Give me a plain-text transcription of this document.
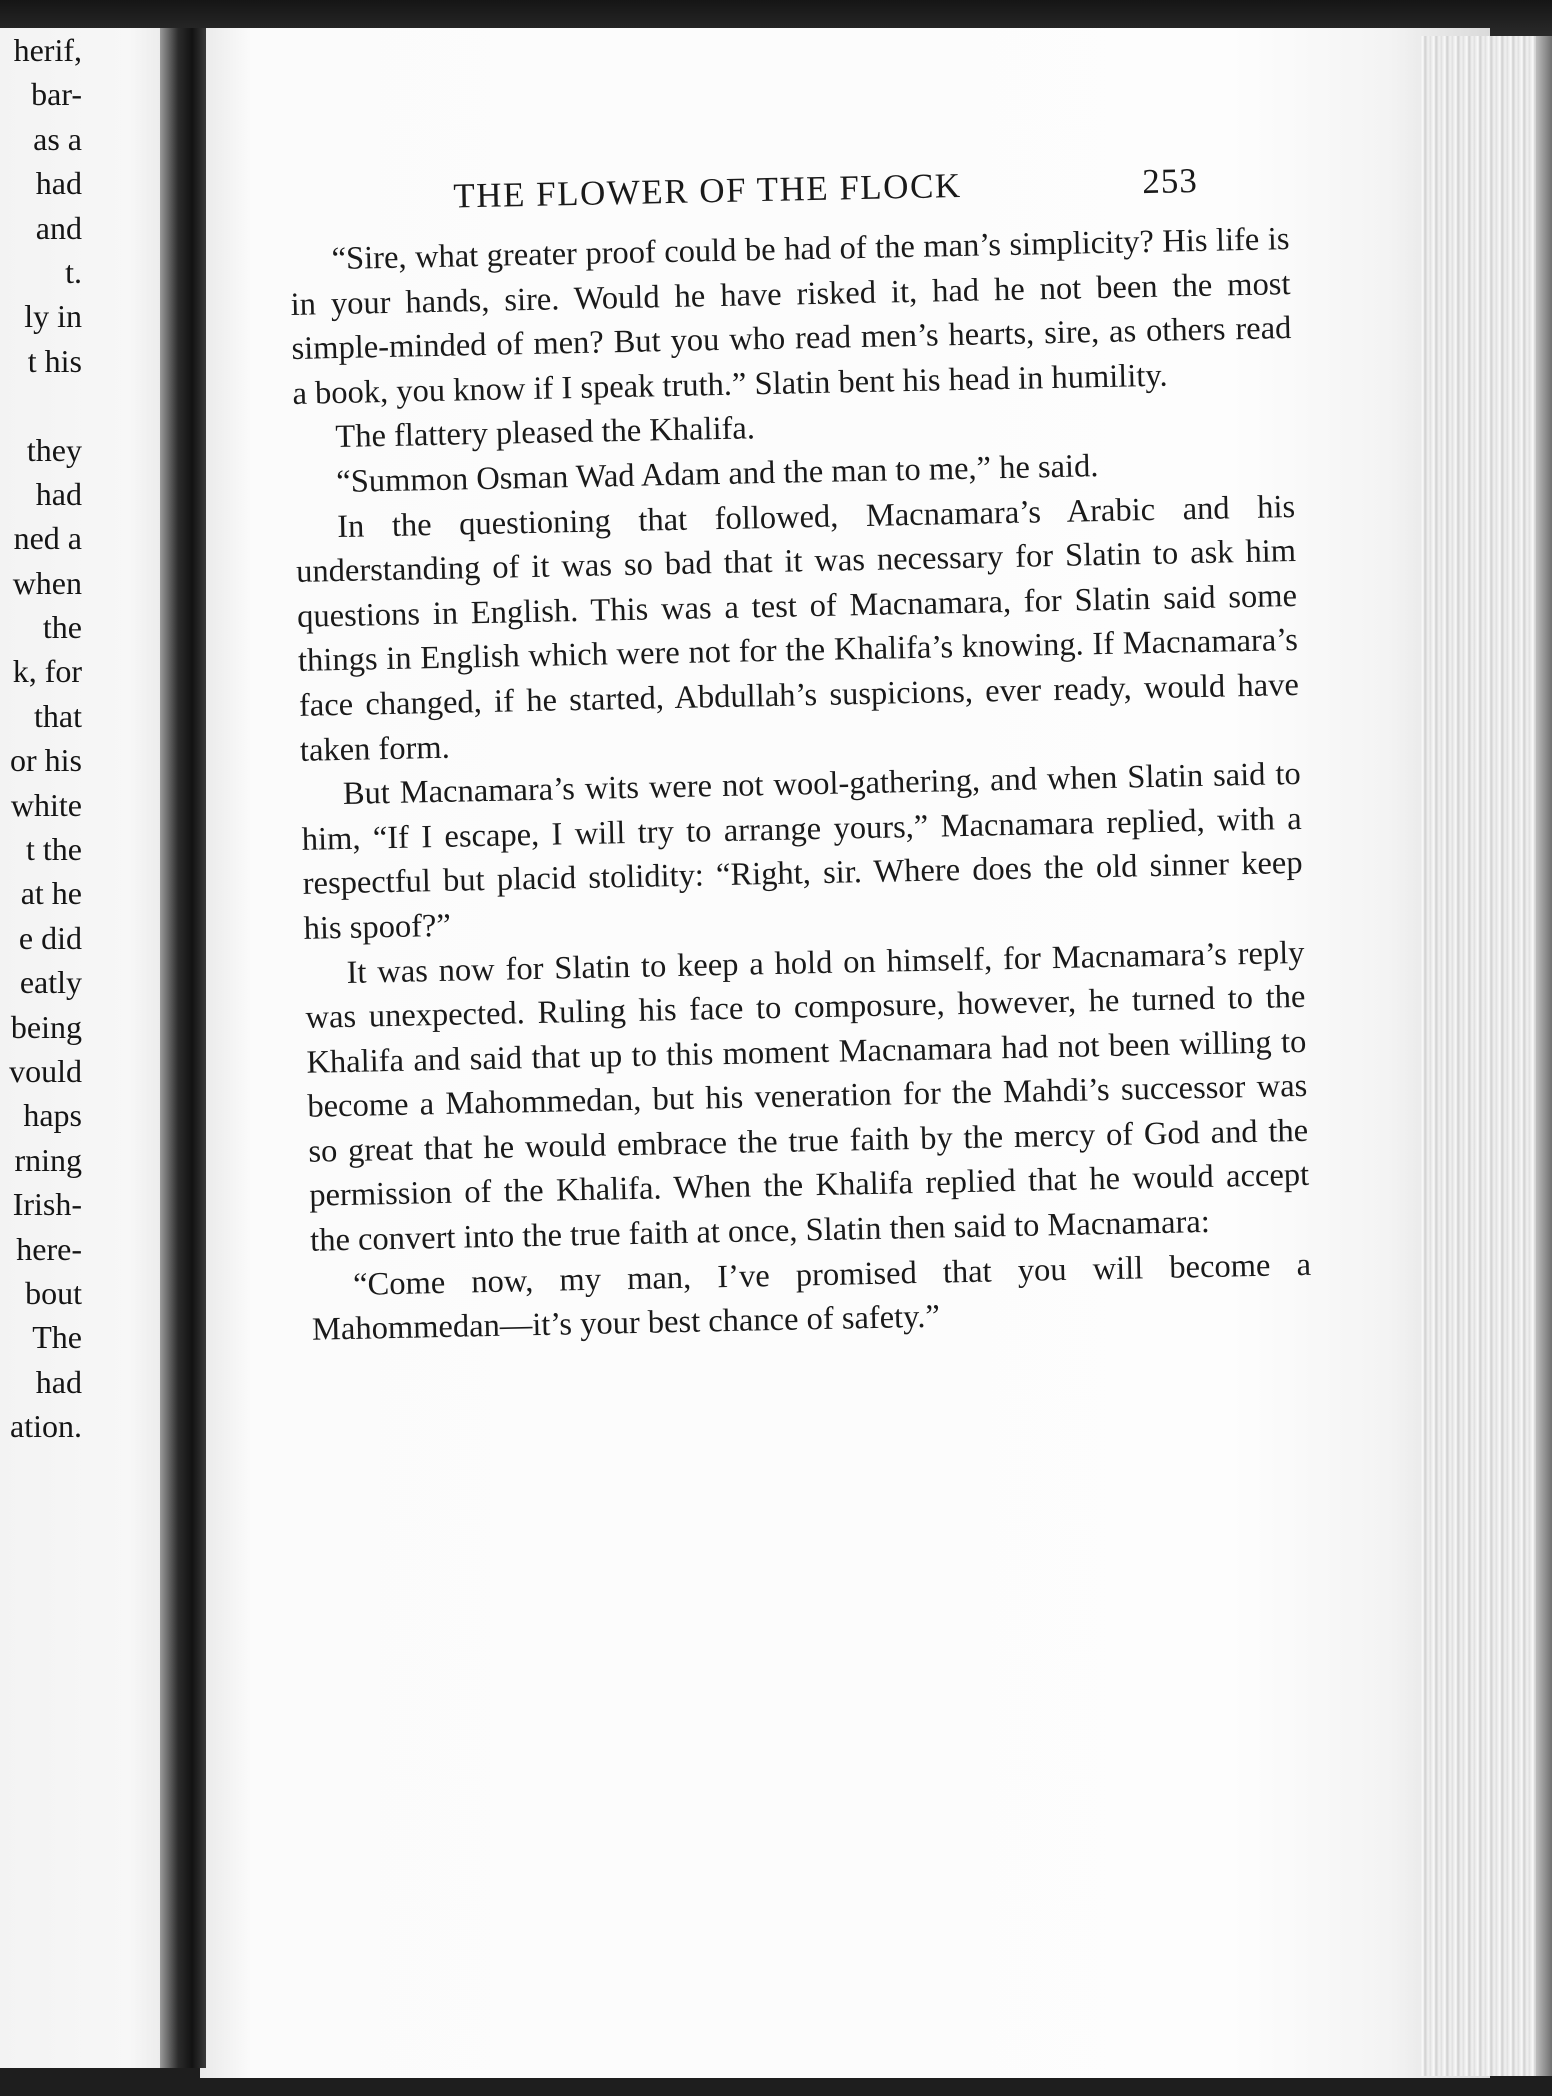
herif,
bar-
as a
had
and
t.
ly in
t his
they
had
ned a
when
the
k, for
that
or his
white
t the
at he
e did
eatly
being
vould
haps
rning
Irish-
here-
bout
The
had
ation.
THE FLOWER OF THE FLOCK	253

“Sire, what greater proof could be had of the man’s simplicity? His life is in your hands, sire. Would he have risked it, had he not been the most simple-minded of men? But you who read men’s hearts, sire, as others read a book, you know if I speak truth.” Slatin bent his head in humility.

The flattery pleased the Khalifa.

“Summon Osman Wad Adam and the man to me,” he said.

In the questioning that followed, Macnamara’s Arabic and his understanding of it was so bad that it was necessary for Slatin to ask him questions in English. This was a test of Macnamara, for Slatin said some things in English which were not for the Khalifa’s knowing. If Macnamara’s face changed, if he started, Abdullah’s suspicions, ever ready, would have taken form.

But Macnamara’s wits were not wool-gathering, and when Slatin said to him, “If I escape, I will try to arrange yours,” Macnamara replied, with a respectful but placid stolidity: “Right, sir. Where does the old sinner keep his spoof?”

It was now for Slatin to keep a hold on himself, for Macnamara’s reply was unexpected. Ruling his face to composure, however, he turned to the Khalifa and said that up to this moment Macnamara had not been willing to become a Mahommedan, but his veneration for the Mahdi’s successor was so great that he would embrace the true faith by the mercy of God and the permission of the Khalifa. When the Khalifa replied that he would accept the convert into the true faith at once, Slatin then said to Macnamara:

“Come now, my man, I’ve promised that you will become a Mahommedan—it’s your best chance of safety.”
